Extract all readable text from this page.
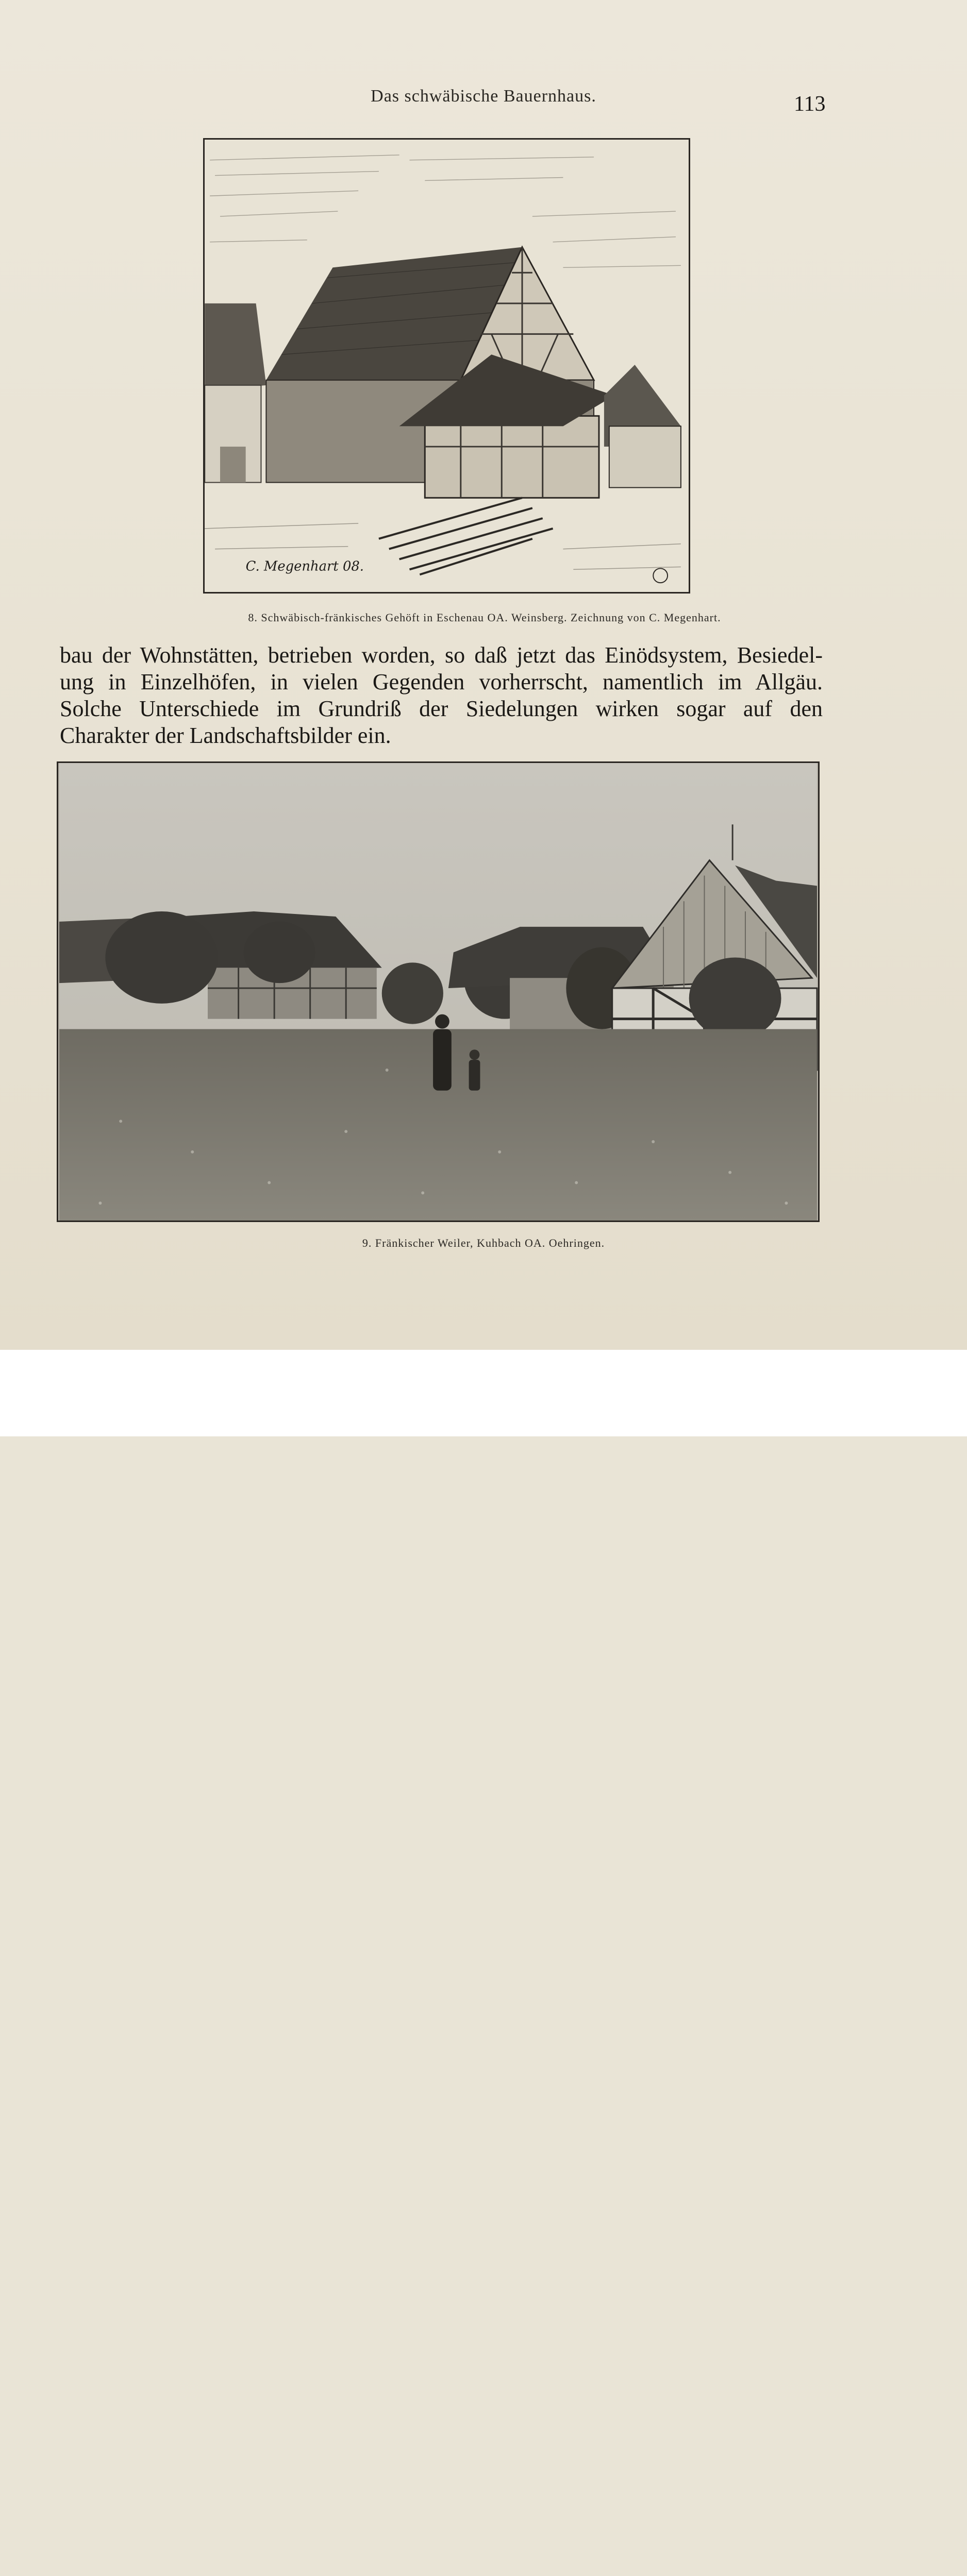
Das schwäbische Bauernhaus.	113
C. Megenhart 08.
8. Schwäbisch-fränkisches Gehöft in Eschenau OA. Weinsberg. Zeichnung von C. Megenhart.
bau der Wohnstätten, betrieben worden, so daß jetzt das Einödsystem, Besiedel-
ung in Einzelhöfen, in vielen Gegenden vorherrscht, namentlich im Allgäu.
Solche Unterschiede im Grundriß der Siedelungen wirken sogar auf den
Charakter der Landschaftsbilder ein.
9. Fränkischer Weiler, Kuhbach OA. Oehringen.
